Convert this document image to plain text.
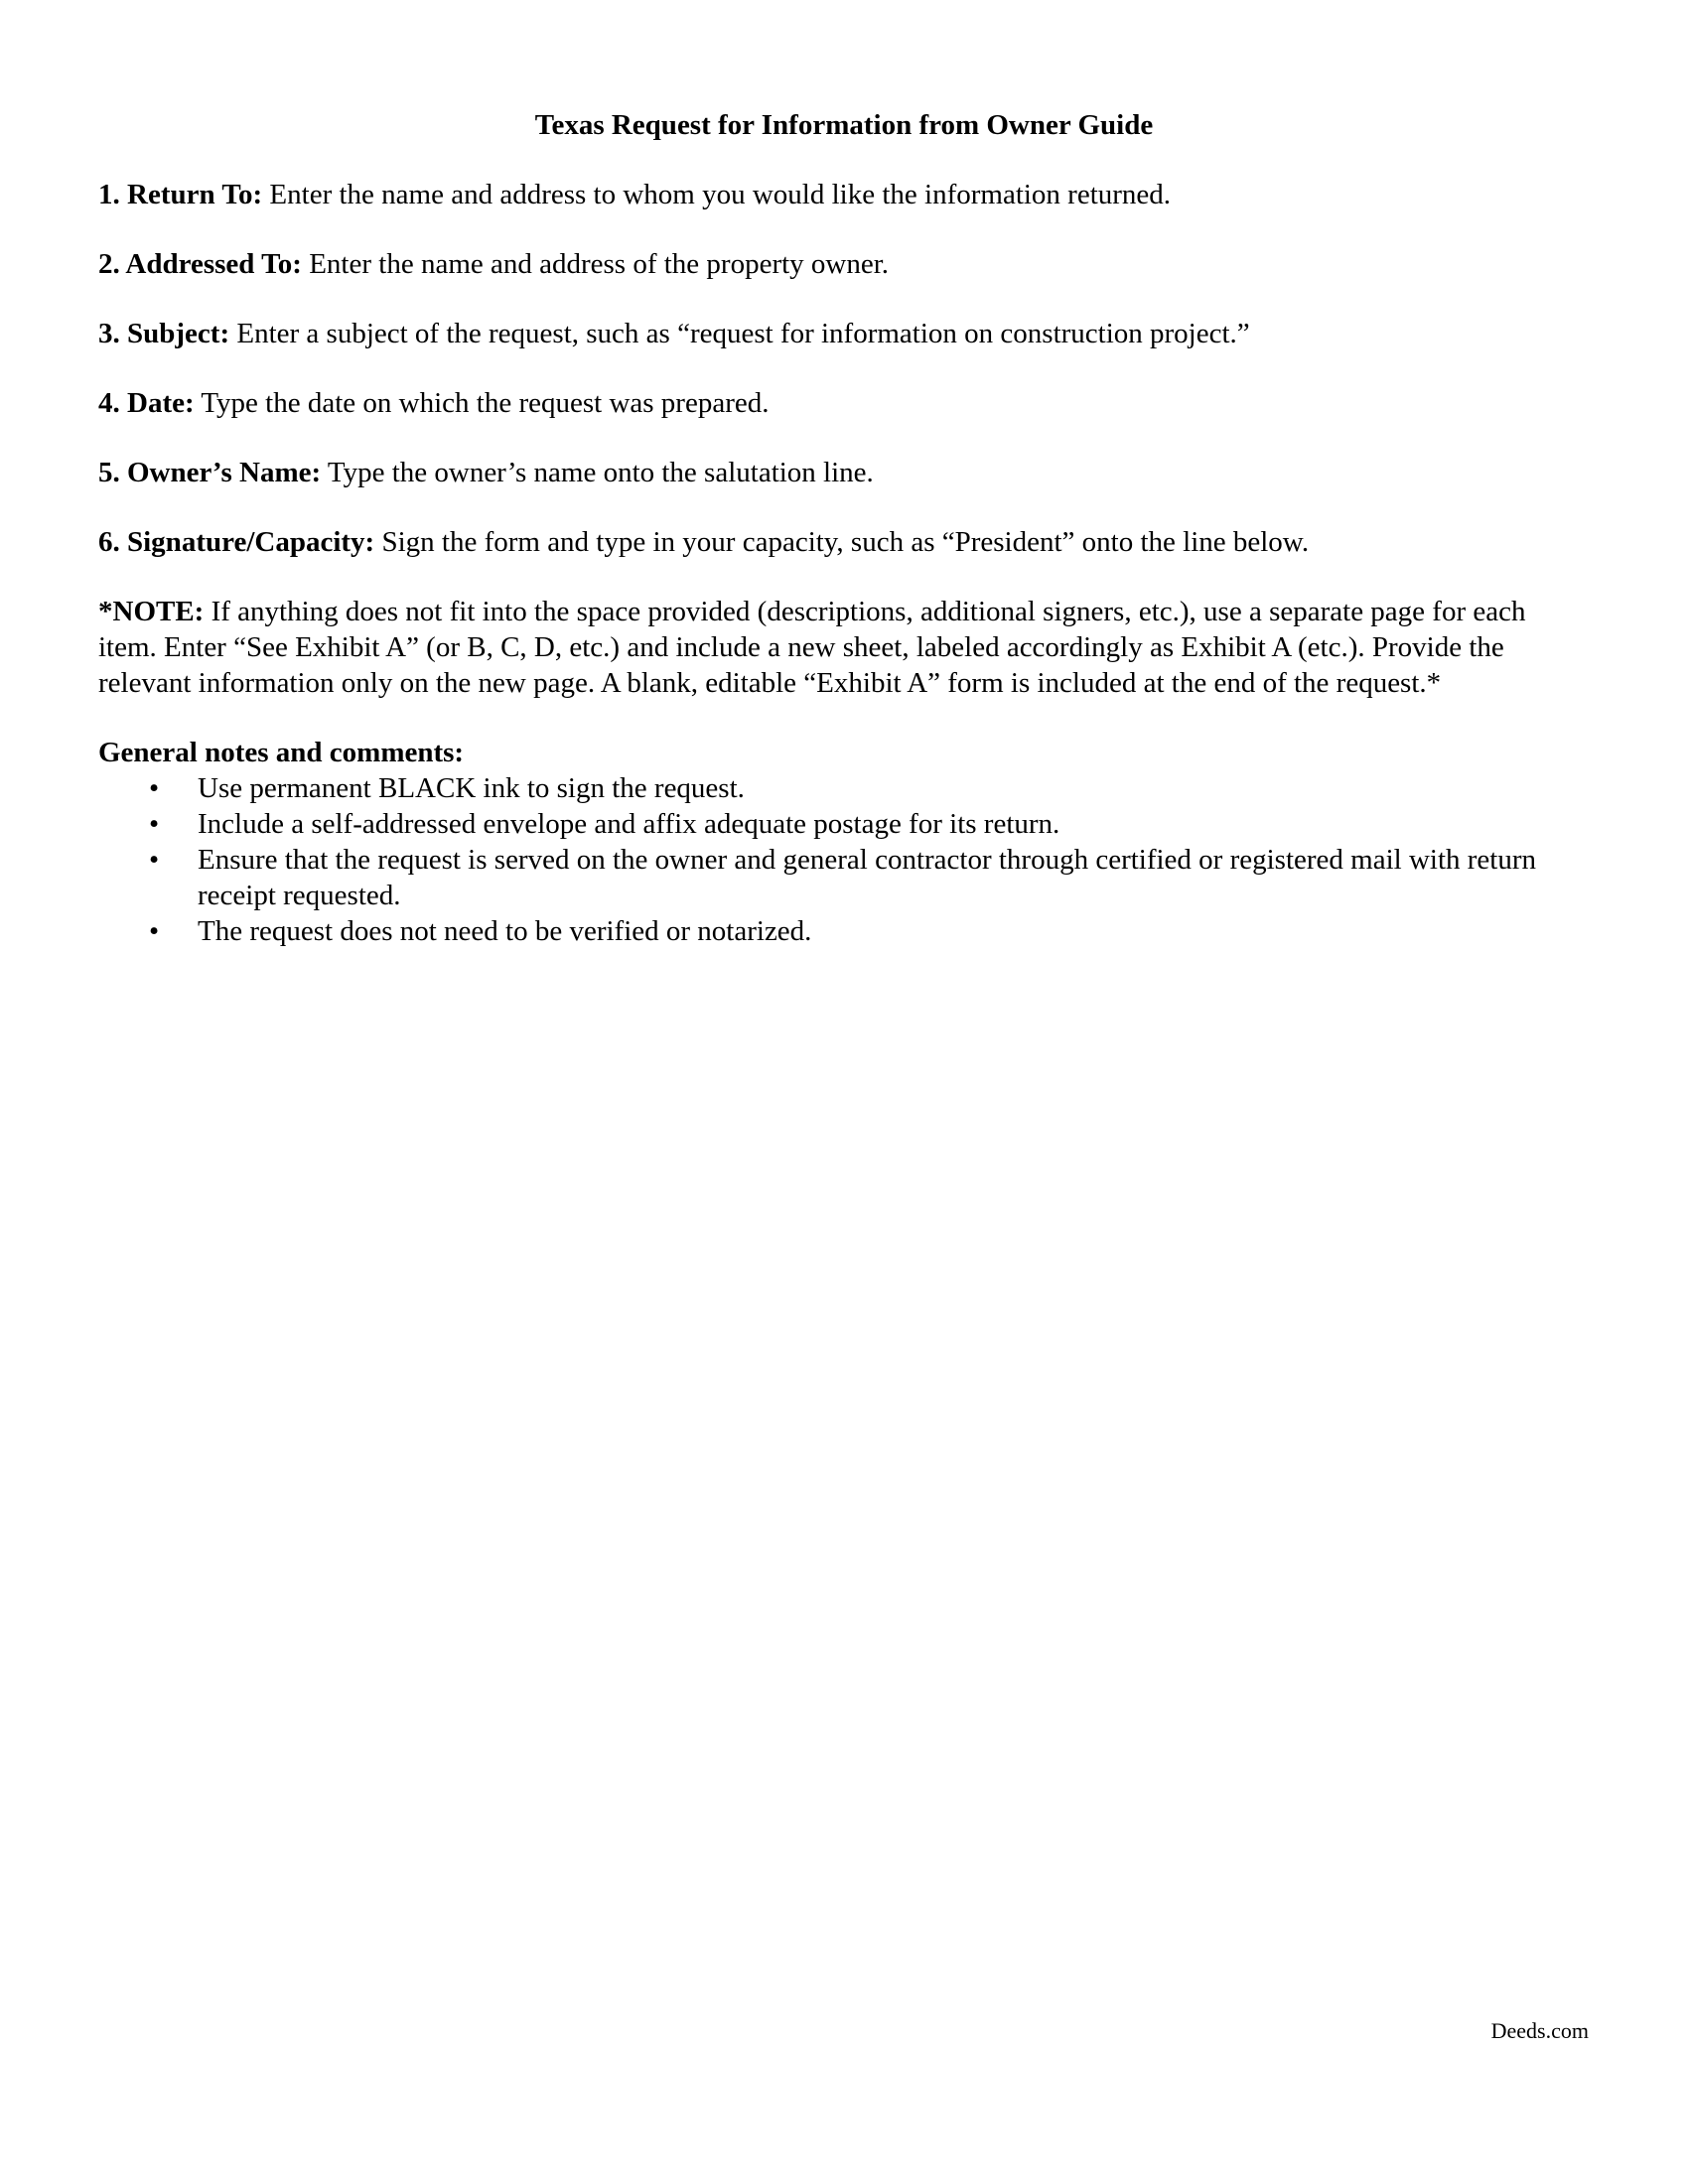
Texas Request for Information from Owner Guide

1. Return To: Enter the name and address to whom you would like the information returned.

2. Addressed To: Enter the name and address of the property owner.

3. Subject: Enter a subject of the request, such as “request for information on construction project.”

4. Date: Type the date on which the request was prepared.

5. Owner’s Name: Type the owner’s name onto the salutation line.

6. Signature/Capacity: Sign the form and type in your capacity, such as “President” onto the line below.

*NOTE: If anything does not fit into the space provided (descriptions, additional signers, etc.), use a separate page for each item. Enter “See Exhibit A” (or B, C, D, etc.) and include a new sheet, labeled accordingly as Exhibit A (etc.). Provide the relevant information only on the new page. A blank, editable “Exhibit A” form is included at the end of the request.*

General notes and comments:

• Use permanent BLACK ink to sign the request.
• Include a self-addressed envelope and affix adequate postage for its return.
• Ensure that the request is served on the owner and general contractor through certified or registered mail with return receipt requested.
• The request does not need to be verified or notarized.
Deeds.com
